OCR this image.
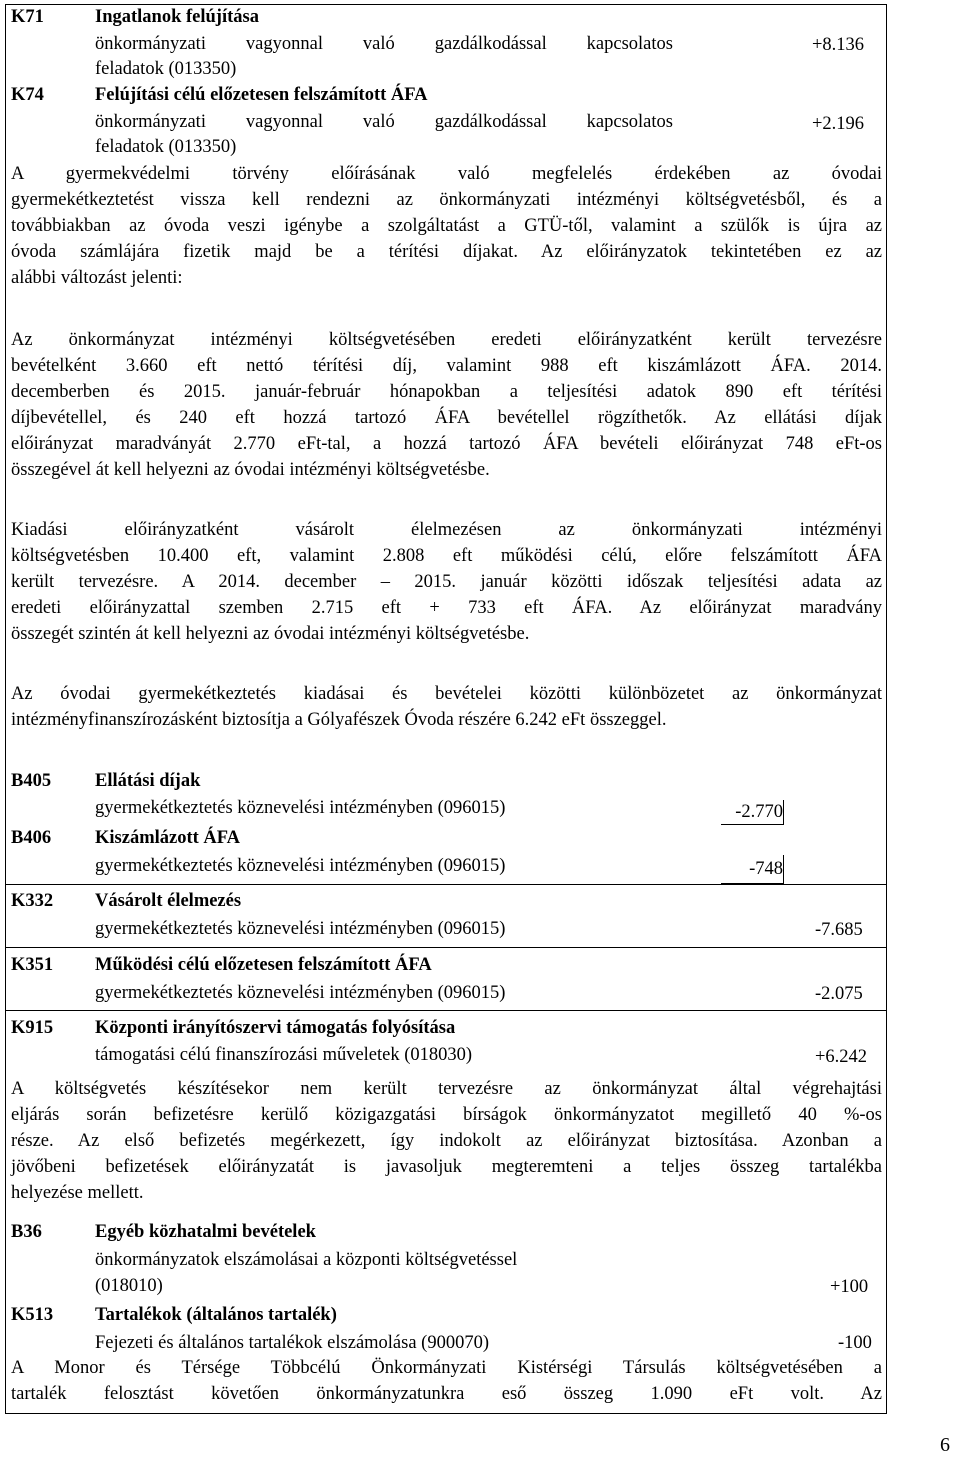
K71	Ingatlanok felújítása
önkormányzati vagyonnal való gazdálkodással kapcsolatos
feladatok (013350)
+8.136
K74	Felújítási célú előzetesen felszámított ÁFA
önkormányzati vagyonnal való gazdálkodással kapcsolatos
feladatok (013350)
+2.196
A gyermekvédelmi törvény előírásának való megfelelés érdekében az óvodai
gyermekétkeztetést vissza kell rendezni az önkormányzati intézményi költségvetésből, és a
továbbiakban az óvoda veszi igénybe a szolgáltatást a GTÜ-től, valamint a szülők is újra az
óvoda számlájára fizetik majd be a térítési díjakat. Az előirányzatok tekintetében ez az
alábbi változást jelenti:
Az önkormányzat intézményi költségvetésében eredeti előirányzatként került tervezésre
bevételként 3.660 eft nettó térítési díj, valamint 988 eft kiszámlázott ÁFA. 2014.
decemberben és 2015. január-február hónapokban a teljesítési adatok 890 eft térítési
díjbevétellel, és 240 eft hozzá tartozó ÁFA bevétellel rögzíthetők. Az ellátási díjak
előirányzat maradványát 2.770 eFt-tal, a hozzá tartozó ÁFA bevételi előirányzat 748 eFt-os
összegével át kell helyezni az óvodai intézményi költségvetésbe.
Kiadási előirányzatként vásárolt élelmezésen az önkormányzati intézményi
költségvetésben 10.400 eft, valamint 2.808 eft működési célú, előre felszámított ÁFA
került tervezésre. A 2014. december – 2015. január közötti időszak teljesítési adata az
eredeti előirányzattal szemben 2.715 eft + 733 eft ÁFA. Az előirányzat maradvány
összegét szintén át kell helyezni az óvodai intézményi költségvetésbe.
Az óvodai gyermekétkeztetés kiadásai és bevételei közötti különbözetet az önkormányzat
intézményfinanszírozásként biztosítja a Gólyafészek Óvoda részére 6.242 eFt összeggel.
B405 Ellátási díjak
gyermekétkeztetés köznevelési intézményben (096015)	-2.770
B406 Kiszámlázott ÁFA
gyermekétkeztetés köznevelési intézményben (096015)	-748
K332 Vásárolt élelmezés
gyermekétkeztetés köznevelési intézményben (096015)	-7.685
K351 Működési célú előzetesen felszámított ÁFA
gyermekétkeztetés köznevelési intézményben (096015)	-2.075
K915 Központi irányítószervi támogatás folyósítása
támogatási célú finanszírozási műveletek (018030)	+6.242
A költségvetés készítésekor nem került tervezésre az önkormányzat által végrehajtási
eljárás során befizetésre kerülő közigazgatási bírságok önkormányzatot megillető 40 %-os
része. Az első befizetés megérkezett, így indokolt az előirányzat biztosítása. Azonban a
jövőbeni befizetések előirányzatát is javasoljuk megteremteni a teljes összeg tartalékba
helyezése mellett.
B36	Egyéb közhatalmi bevételek
önkormányzatok elszámolásai a központi költségvetéssel
(018010)	+100
K513 Tartalékok (általános tartalék)
Fejezeti és általános tartalékok elszámolása (900070)	-100
A Monor és Térsége Többcélú Önkormányzati Kistérségi Társulás költségvetésében a
tartalék felosztást követően önkormányzatunkra eső összeg 1.090 eFt volt. Az
6
